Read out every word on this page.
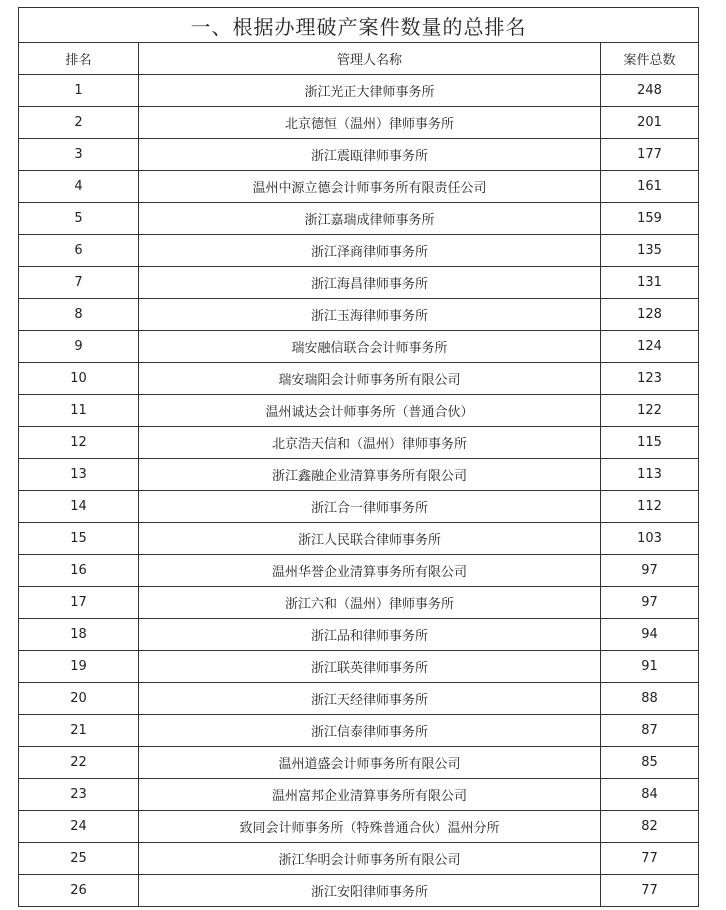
一、根据办理破产案件数量的总排名		
排名	管理人名称	案件总数
1	浙江光正大律师事务所	248
2	北京德恒（温州）律师事务所	201
3	浙江震瓯律师事务所	177
4	温州中源立德会计师事务所有限责任公司	161
5	浙江嘉瑞成律师事务所	159
6	浙江泽商律师事务所	135
7	浙江海昌律师事务所	131
8	浙江玉海律师事务所	128
9	瑞安融信联合会计师事务所	124
10	瑞安瑞阳会计师事务所有限公司	123
11	温州诚达会计师事务所（普通合伙）	122
12	北京浩天信和（温州）律师事务所	115
13	浙江鑫融企业清算事务所有限公司	113
14	浙江合一律师事务所	112
15	浙江人民联合律师事务所	103
16	温州华誉企业清算事务所有限公司	97
17	浙江六和（温州）律师事务所	97
18	浙江品和律师事务所	94
19	浙江联英律师事务所	91
20	浙江天经律师事务所	88
21	浙江信泰律师事务所	87
22	温州道盛会计师事务所有限公司	85
23	温州富邦企业清算事务所有限公司	84
24	致同会计师事务所（特殊普通合伙）温州分所	82
25	浙江华明会计师事务所有限公司	77
26	浙江安阳律师事务所	77
